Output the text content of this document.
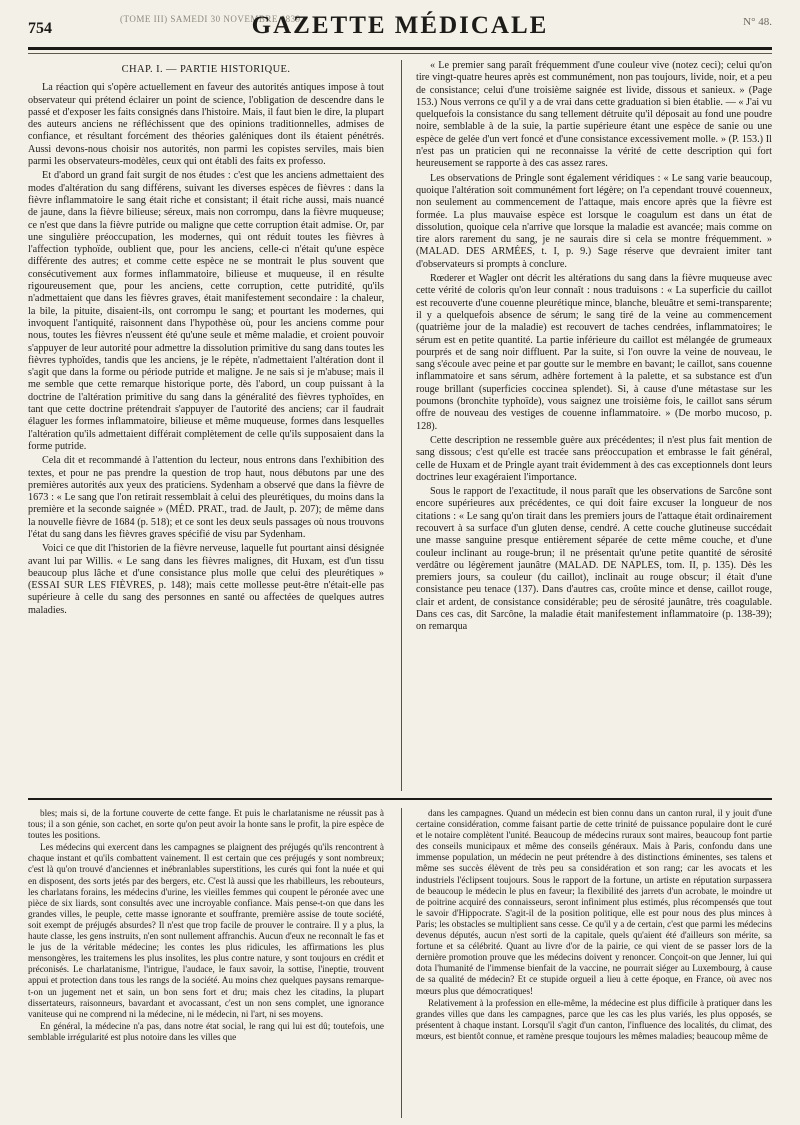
754
(TOME III) SAMEDI 30 NOVEMBRE 1839
GAZETTE MÉDICALE	N° 48.
CHAP. I. — PARTIE HISTORIQUE.

La réaction qui s'opère actuellement en faveur des autorités antiques impose à tout observateur qui prétend éclairer un point de science, l'obligation de descendre dans le passé et d'exposer les faits consignés dans l'histoire. Mais, il faut bien le dire, la plupart des auteurs anciens ne réfléchissent que des opinions traditionnelles, admises de confiance, et résultant forcément des théories galéniques dont ils étaient pénétrés. Aussi devons-nous choisir nos autorités, non parmi les copistes serviles, mais bien parmi les observateurs-modèles, ceux qui ont établi des faits ex professo.

Et d'abord un grand fait surgit de nos études : c'est que les anciens admettaient des modes d'altération du sang différens, suivant les diverses espèces de fièvres : dans la fièvre inflammatoire le sang était riche et consistant; il était riche aussi, mais nuancé de jaune, dans la fièvre bilieuse; séreux, mais non corrompu, dans la fièvre muqueuse; ce n'est que dans la fièvre putride ou maligne que cette corruption était admise. Or, par une singulière préoccupation, les modernes, qui ont réduit toutes les fièvres à l'affection typhoïde, oublient que, pour les anciens, celle-ci n'était qu'une espèce différente des autres; et comme cette espèce ne se montrait le plus souvent que consécutivement aux formes inflammatoire, bilieuse et muqueuse, il en résulte rigoureusement que, pour les anciens, cette corruption, cette putridité, qu'ils n'admettaient que dans les fièvres graves, était manifestement secondaire : la chaleur, la bile, la pituite, disaient-ils, ont corrompu le sang; et pourtant les modernes, qui invoquent l'antiquité, raisonnent dans l'hypothèse où, pour les anciens comme pour nous, toutes les fièvres n'eussent été qu'une seule et même maladie, et croient pouvoir s'appuyer de leur autorité pour admettre la dissolution primitive du sang dans toutes les fièvres typhoïdes, tandis que les anciens, je le répète, n'admettaient l'altération dont il s'agit que dans la forme ou période putride et maligne. Je ne sais si je m'abuse; mais il me semble que cette remarque historique porte, dès l'abord, un coup puissant à la doctrine de l'altération primitive du sang dans la généralité des fièvres typhoïdes, en tant que cette doctrine prétendrait s'appuyer de l'autorité des anciens; car il faudrait élaguer les formes inflammatoire, bilieuse et même muqueuse, formes dans lesquelles l'altération qu'ils admettaient différait complètement de celle qu'ils supposaient dans la forme putride.

Cela dit et recommandé à l'attention du lecteur, nous entrons dans l'exhibition des textes, et pour ne pas prendre la question de trop haut, nous débutons par une des premières autorités aux yeux des praticiens. Sydenham a observé que dans la fièvre de 1673 : « Le sang que l'on retirait ressemblait à celui des pleurétiques, du moins dans la première et la seconde saignée » (MÉD. PRAT., trad. de Jault, p. 207); de même dans la nouvelle fièvre de 1684 (p. 518); et ce sont les deux seuls passages où nous trouvons l'état du sang dans les fièvres graves spécifié de visu par Sydenham.

Voici ce que dit l'historien de la fièvre nerveuse, laquelle fut pourtant ainsi désignée avant lui par Willis. « Le sang dans les fièvres malignes, dit Huxam, est d'un tissu beaucoup plus lâche et d'une consistance plus molle que celui des pleurétiques » (ESSAI SUR LES FIÈVRES, p. 148); mais cette mollesse peut-être n'était-elle pas supérieure à celle du sang des personnes en santé ou affectées de quelques autres maladies.

« Le premier sang paraît fréquemment d'une couleur vive (notez ceci); celui qu'on tire vingt-quatre heures après est communément, non pas toujours, livide, noir, et a peu de consistance; celui d'une troisième saignée est livide, dissous et sanieux. » (Page 153.) Nous verrons ce qu'il y a de vrai dans cette graduation si bien établie. — « J'ai vu quelquefois la consistance du sang tellement détruite qu'il déposait au fond une poudre noire, semblable à de la suie, la partie supérieure étant une espèce de sanie ou une espèce de gelée d'un vert foncé et d'une consistance excessivement molle. » (P. 153.) Il n'est pas un praticien qui ne reconnaisse la vérité de cette description qui fort heureusement se rapporte à des cas assez rares.

Les observations de Pringle sont également véridiques : « Le sang varie beaucoup, quoique l'altération soit communément fort légère; on l'a cependant trouvé couenneux, non seulement au commencement de l'attaque, mais encore après que la fièvre est formée. La plus mauvaise espèce est lorsque le coagulum est dans un état de dissolution, quoique cela n'arrive que lorsque la maladie est avancée; mais comme on tire alors rarement du sang, je ne saurais dire si cela se montre fréquemment. » (MALAD. DES ARMÉES, t. I, p. 9.) Sage réserve que devraient imiter tant d'observateurs si prompts à conclure.

Rœderer et Wagler ont décrit les altérations du sang dans la fièvre muqueuse avec cette vérité de coloris qu'on leur connaît : nous traduisons : « La superficie du caillot est recouverte d'une couenne pleurétique mince, blanche, bleuâtre et semi-transparente; il y a quelquefois absence de sérum; le sang tiré de la veine au commencement (quatrième jour de la maladie) est recouvert de taches cendrées, inflammatoires; le sérum est en petite quantité. La partie inférieure du caillot est mélangée de grumeaux pourprés et de sang noir diffluent. Par la suite, si l'on ouvre la veine de nouveau, le sang s'écoule avec peine et par goutte sur le membre en bavant; le caillot, sans couenne inflammatoire et sans sérum, adhère fortement à la palette, et sa substance est d'un rouge brillant (superficies coccinea splendet). Si, à cause d'une métastase sur les poumons (bronchite typhoïde), vous saignez une troisième fois, le caillot sans sérum offre de nouveau des vestiges de couenne inflammatoire. » (De morbo mucoso, p. 128).

Cette description ne ressemble guère aux précédentes; il n'est plus fait mention de sang dissous; c'est qu'elle est tracée sans préoccupation et embrasse le fait général, celle de Huxam et de Pringle ayant trait évidemment à des cas exceptionnels dont leurs doctrines leur exagéraient l'importance.

Sous le rapport de l'exactitude, il nous paraît que les observations de Sarcône sont encore supérieures aux précédentes, ce qui doit faire excuser la longueur de nos citations : « Le sang qu'on tirait dans les premiers jours de l'attaque était ordinairement recouvert à sa surface d'un gluten dense, cendré. A cette couche glutineuse succédait une masse sanguine presque entièrement séparée de cette même couche, et d'une couleur inclinant au rouge-brun; il ne présentait qu'une petite quantité de sérosité verdâtre ou légèrement jaunâtre (MALAD. DE NAPLES, tom. II, p. 135). Dès les premiers jours, sa couleur (du caillot), inclinait au rouge obscur; il était d'une consistance peu tenace (137). Dans d'autres cas, croûte mince et dense, caillot rouge, clair et ardent, de consistance considérable; peu de sérosité jaunâtre, très coagulable. Dans ces cas, dit Sarcône, la maladie était manifestement inflammatoire (p. 138-39); on remarqua

bles; mais si, de la fortune couverte de cette fange. Et puis le charlatanisme ne réussit pas à tous; il a son génie, son cachet, en sorte qu'on peut avoir la honte sans le profit, la pire espèce de toutes les positions.

Les médecins qui exercent dans les campagnes se plaignent des préjugés qu'ils rencontrent à chaque instant et qu'ils combattent vainement. Il est certain que ces préjugés y sont nombreux; c'est là qu'on trouvé d'anciennes et inébranlables superstitions, les curés qui font la nuée et qui en disposent, des sorts jetés par des bergers, etc. C'est là aussi que les rhabilleurs, les rebouteurs, les charlatans forains, les médecins d'urine, les vieilles femmes qui coupent le péronée avec une pièce de six liards, sont consultés avec une incroyable confiance. Mais pense-t-on que dans les grandes villes, le peuple, cette masse ignorante et souffrante, première assise de toute société, soit exempt de préjugés absurdes? Il n'est que trop facile de prouver le contraire. Il y a plus, la haute classe, les gens instruits, n'en sont nullement affranchis. Aucun d'eux ne reconnaît le fas et le jus de la véritable médecine; les contes les plus ridicules, les affirmations les plus mensongères, les traitemens les plus insolites, les plus contre nature, y sont toujours en crédit et préconisés. Le charlatanisme, l'intrigue, l'audace, le faux savoir, la sottise, l'ineptie, trouvent appui et protection dans tous les rangs de la société. Au moins chez quelques paysans remarque-t-on un jugement net et sain, un bon sens fort et dru; mais chez les citadins, la plupart dissertateurs, raisonneurs, bavardant et avocassant, c'est un non sens complet, une ignorance vaniteuse qui ne comprend ni la médecine, ni le médecin, ni l'art, ni ses moyens.

En général, la médecine n'a pas, dans notre état social, le rang qui lui est dû; toutefois, une semblable irrégularité est plus notoire dans les villes que

dans les campagnes. Quand un médecin est bien connu dans un canton rural, il y jouit d'une certaine considération, comme faisant partie de cette trinité de puissance populaire dont le curé et le notaire complètent l'unité. Beaucoup de médecins ruraux sont maires, beaucoup font partie des conseils municipaux et même des conseils généraux. Mais à Paris, confondu dans une immense population, un médecin ne peut prétendre à des distinctions éminentes, ses talens et même ses succès élèvent de très peu sa considération et son rang; car les avocats et les industriels l'éclipsent toujours. Sous le rapport de la fortune, un artiste en réputation surpassera de beaucoup le médecin le plus en faveur; la flexibilité des jarrets d'un acrobate, le moindre ut de poitrine acquiré des connaisseurs, seront infiniment plus estimés, plus récompensés que tout le savoir d'Hippocrate. S'agit-il de la position politique, elle est pour nous des plus minces à Paris; les obstacles se multiplient sans cesse. Ce qu'il y a de certain, c'est que parmi les médecins devenus députés, aucun n'est sorti de la capitale, quels qu'aient été d'ailleurs son mérite, sa fortune et sa célébrité. Quant au livre d'or de la pairie, ce qui vient de se passer lors de la dernière promotion prouve que les médecins doivent y renoncer. Conçoit-on que Jenner, lui qui dota l'humanité de l'immense bienfait de la vaccine, ne pourrait siéger au Luxembourg, à cause de sa qualité de médecin? Et ce stupide orgueil a lieu à cette époque, en France, où avec nos mœurs plus que démocratiques!

Relativement à la profession en elle-même, la médecine est plus difficile à pratiquer dans les grandes villes que dans les campagnes, parce que les cas les plus variés, les plus opposés, se présentent à chaque instant. Lorsqu'il s'agit d'un canton, l'influence des localités, du climat, des mœurs, est bientôt connue, et ramène presque toujours les mêmes maladies; beaucoup même de
